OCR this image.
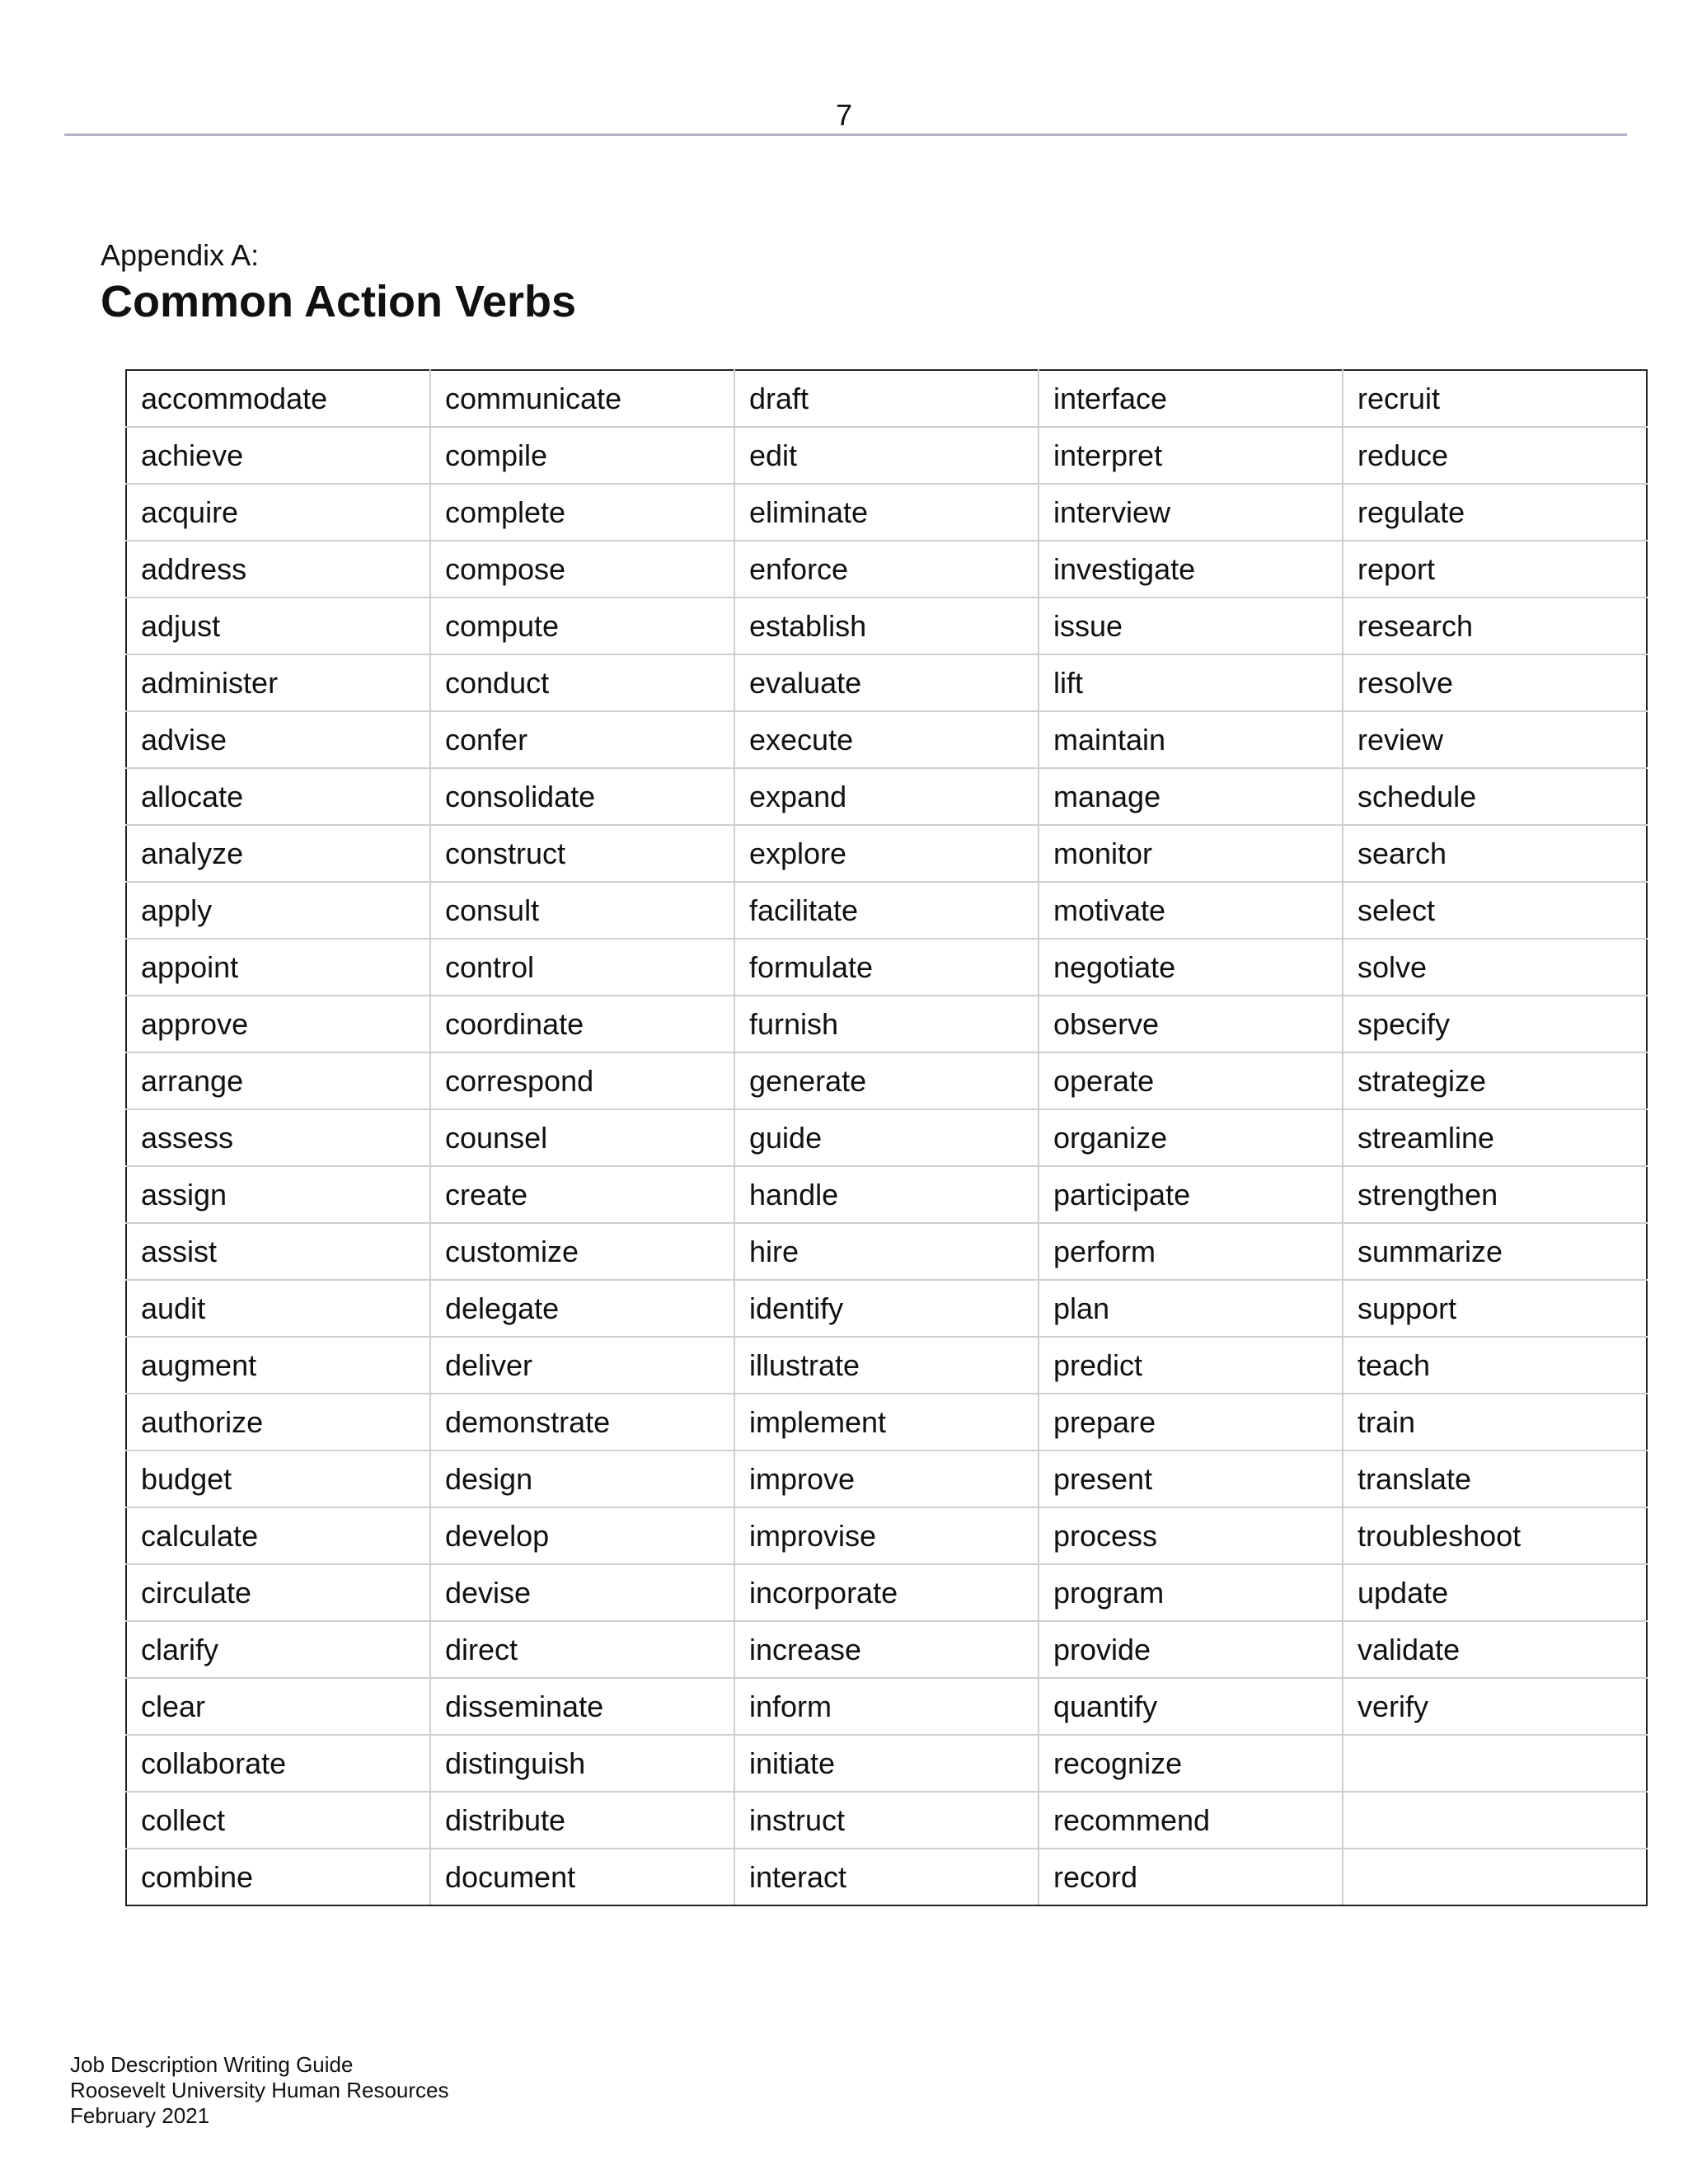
7
Appendix A:
Common Action Verbs
accommodate	communicate	draft	interface	recruit
achieve	compile	edit	interpret	reduce
acquire	complete	eliminate	interview	regulate
address	compose	enforce	investigate	report
adjust	compute	establish	issue	research
administer	conduct	evaluate	lift	resolve
advise	confer	execute	maintain	review
allocate	consolidate	expand	manage	schedule
analyze	construct	explore	monitor	search
apply	consult	facilitate	motivate	select
appoint	control	formulate	negotiate	solve
approve	coordinate	furnish	observe	specify
arrange	correspond	generate	operate	strategize
assess	counsel	guide	organize	streamline
assign	create	handle	participate	strengthen
assist	customize	hire	perform	summarize
audit	delegate	identify	plan	support
augment	deliver	illustrate	predict	teach
authorize	demonstrate	implement	prepare	train
budget	design	improve	present	translate
calculate	develop	improvise	process	troubleshoot
circulate	devise	incorporate	program	update
clarify	direct	increase	provide	validate
clear	disseminate	inform	quantify	verify
collaborate	distinguish	initiate	recognize	
collect	distribute	instruct	recommend	
combine	document	interact	record	
Job Description Writing Guide
Roosevelt University Human Resources
February 2021
